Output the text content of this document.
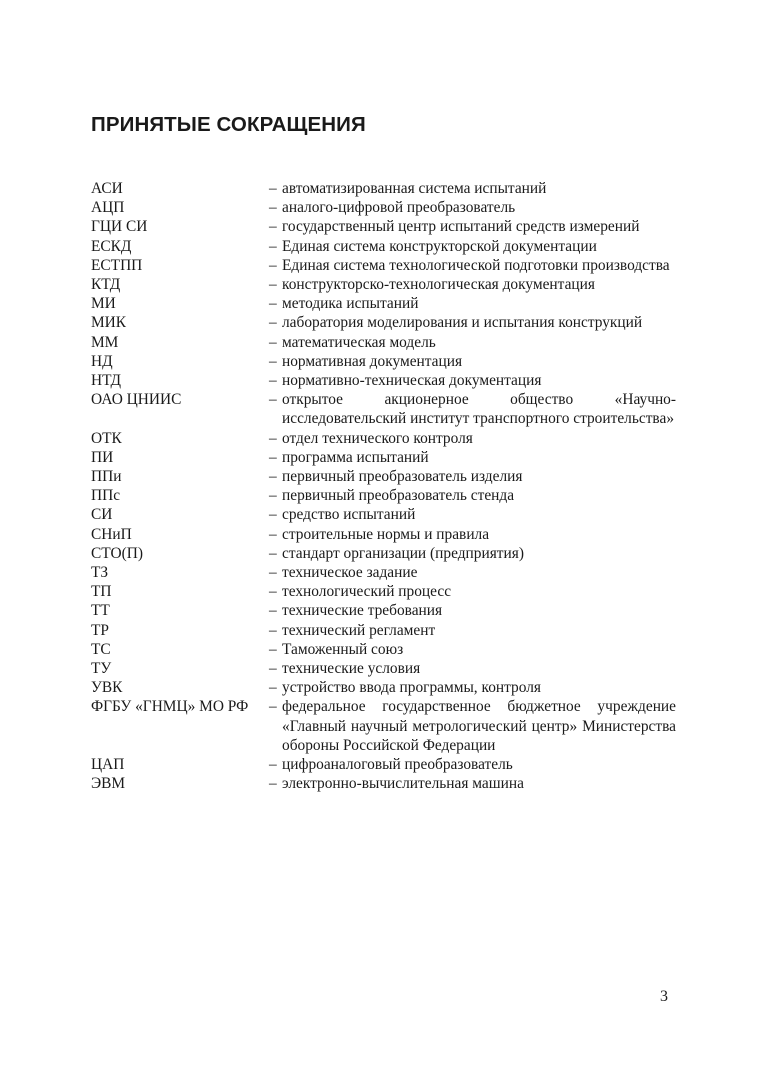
ПРИНЯТЫЕ СОКРАЩЕНИЯ
АСИ	– автоматизированная система испытаний
АЦП	– аналого-цифровой преобразователь
ГЦИ СИ	– государственный центр испытаний средств измерений
ЕСКД	– Единая система конструкторской документации
ЕСТПП	– Единая система технологической подготовки производства
КТД	– конструкторско-технологическая документация
МИ	– методика испытаний
МИК	– лаборатория моделирования и испытания конструкций
ММ	– математическая модель
НД	– нормативная документация
НТД	– нормативно-техническая документация
ОАО ЦНИИС	– открытое акционерное общество «Научно-исследовательский институт транспортного строительства»
ОТК	– отдел технического контроля
ПИ	– программа испытаний
ППи	– первичный преобразователь изделия
ППс	– первичный преобразователь стенда
СИ	– средство испытаний
СНиП	– строительные нормы и правила
СТО(П)	– стандарт организации (предприятия)
ТЗ	– техническое задание
ТП	– технологический процесс
ТТ	– технические требования
ТР	– технический регламент
ТС	– Таможенный союз
ТУ	– технические условия
УВК	– устройство ввода программы, контроля
ФГБУ «ГНМЦ» МО РФ	– федеральное государственное бюджетное учреждение «Главный научный метрологический центр» Министерства обороны Российской Федерации
ЦАП	– цифроаналоговый преобразователь
ЭВМ	– электронно-вычислительная машина
3
